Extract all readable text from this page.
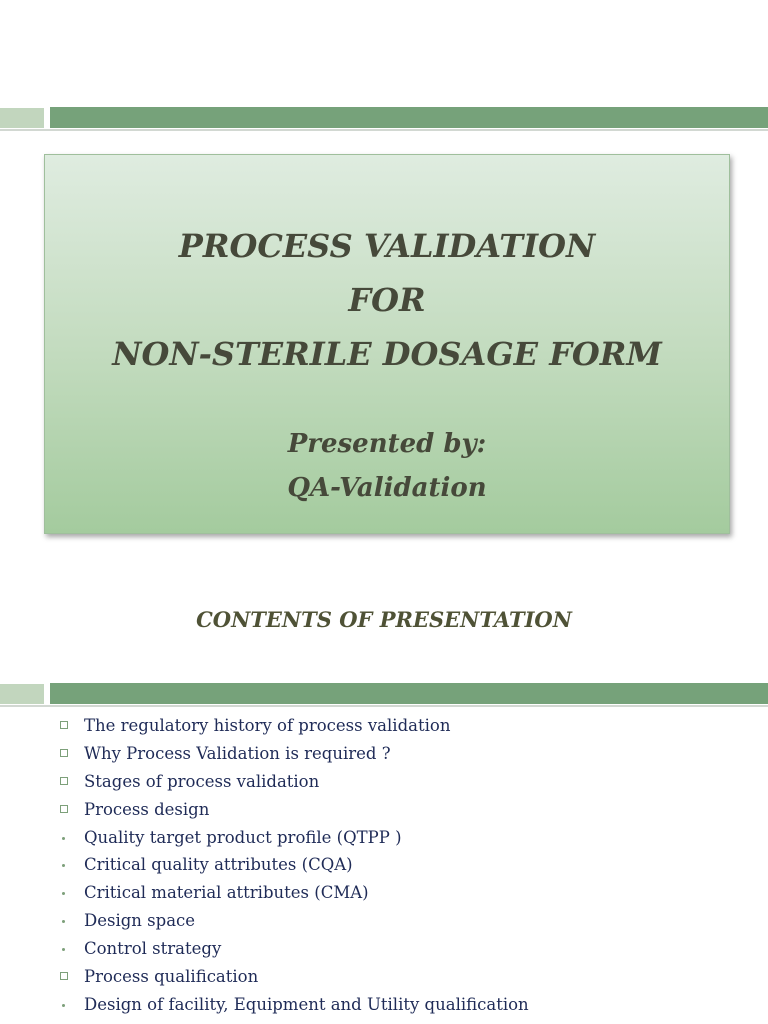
PROCESS VALIDATION

FOR

NON-STERILE DOSAGE FORM

Presented by:

QA-Validation

CONTENTS OF PRESENTATION

The regulatory history of process validation
Why Process Validation is required ?
Stages of process validation
Process design
Quality target product profile (QTPP )
Critical quality attributes (CQA)
Critical material attributes (CMA)
Design space
Control strategy
Process qualification
Design of facility, Equipment and Utility qualification
